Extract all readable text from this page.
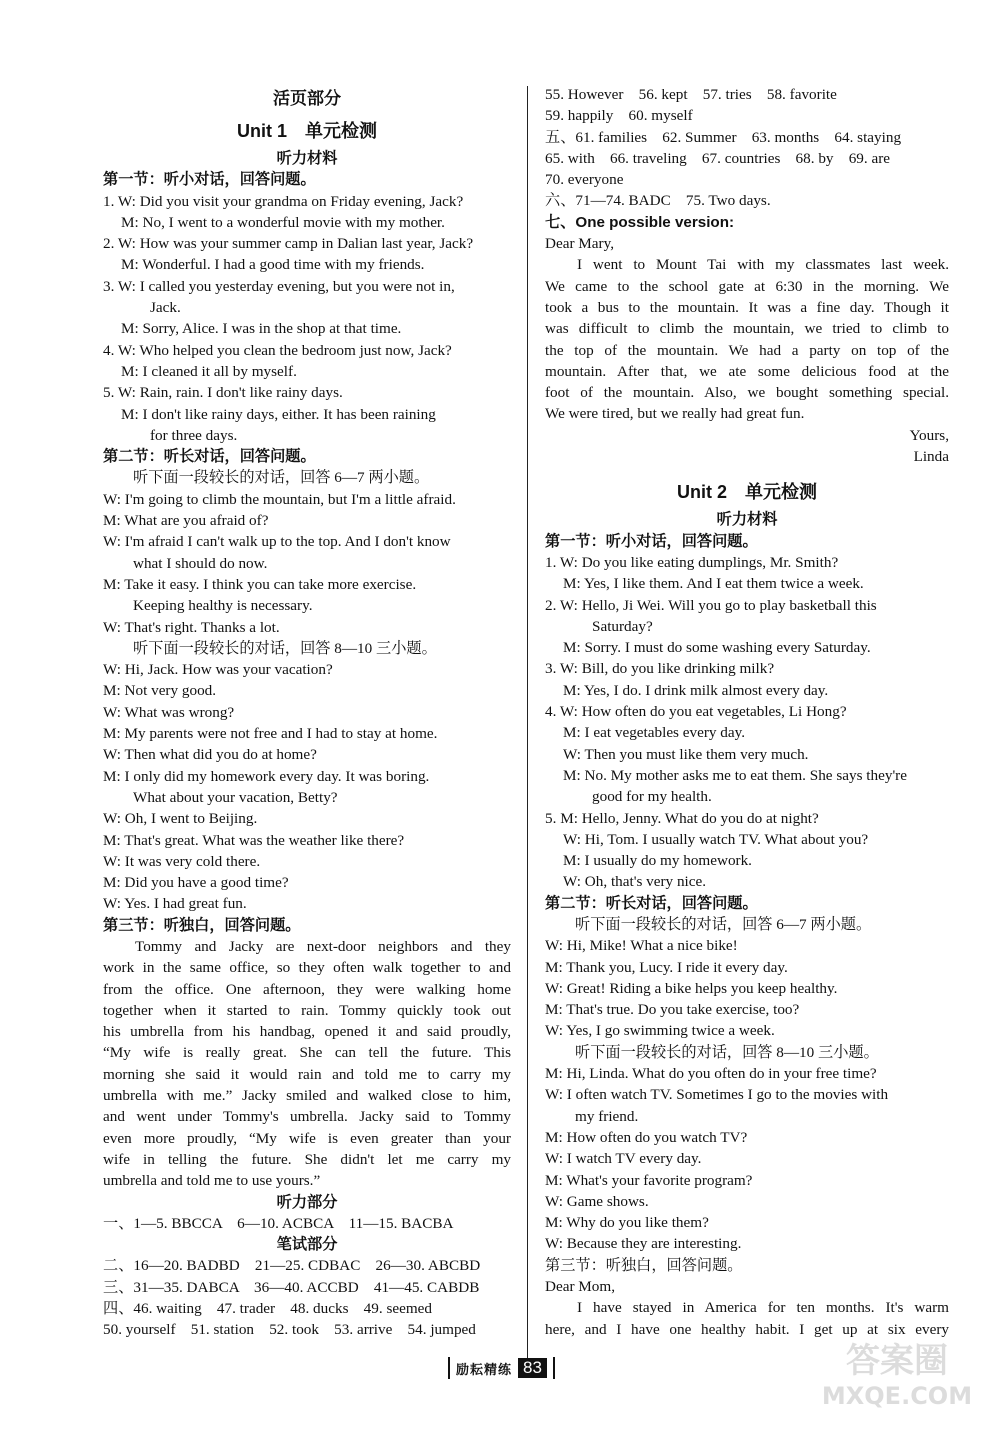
活页部分
Unit 1　单元检测
听力材料
第一节：听小对话，回答问题。
1. W: Did you visit your grandma on Friday evening, Jack?
M: No, I went to a wonderful movie with my mother.
2. W: How was your summer camp in Dalian last year, Jack?
M: Wonderful. I had a good time with my friends.
3. W: I called you yesterday evening, but you were not in,
Jack.
M: Sorry, Alice. I was in the shop at that time.
4. W: Who helped you clean the bedroom just now, Jack?
M: I cleaned it all by myself.
5. W: Rain, rain. I don't like rainy days.
M: I don't like rainy days, either. It has been raining
for three days.
第二节：听长对话，回答问题。
听下面一段较长的对话，回答 6—7 两小题。
W: I'm going to climb the mountain, but I'm a little afraid.
M: What are you afraid of?
W: I'm afraid I can't walk up to the top. And I don't know
what I should do now.
M: Take it easy. I think you can take more exercise.
Keeping healthy is necessary.
W: That's right. Thanks a lot.
听下面一段较长的对话，回答 8—10 三小题。
W: Hi, Jack. How was your vacation?
M: Not very good.
W: What was wrong?
M: My parents were not free and I had to stay at home.
W: Then what did you do at home?
M: I only did my homework every day. It was boring.
What about your vacation, Betty?
W: Oh, I went to Beijing.
M: That's great. What was the weather like there?
W: It was very cold there.
M: Did you have a good time?
W: Yes. I had great fun.
第三节：听独白，回答问题。
Tommy and Jacky are next-door neighbors and they
work in the same office, so they often walk together to and
from the office. One afternoon, they were walking home
together when it started to rain. Tommy quickly took out
his umbrella from his handbag, opened it and said proudly,
“My wife is really great. She can tell the future. This
morning she said it would rain and told me to carry my
umbrella with me.” Jacky smiled and walked close to him,
and went under Tommy's umbrella. Jacky said to Tommy
even more proudly, “My wife is even greater than your
wife in telling the future. She didn't let me carry my
umbrella and told me to use yours.”
听力部分
一、1—5. BBCCA　6—10. ACBCA　11—15. BACBA
笔试部分
二、16—20. BADBD　21—25. CDBAC　26—30. ABCBD
三、31—35. DABCA　36—40. ACCBD　41—45. CABDB
四、46. waiting　47. trader　48. ducks　49. seemed
50. yourself　51. station　52. took　53. arrive　54. jumped
55. However　56. kept　57. tries　58. favorite
59. happily　60. myself
五、61. families　62. Summer　63. months　64. staying
65. with　66. traveling　67. countries　68. by　69. are
70. everyone
六、71—74. BADC　75. Two days.
七、One possible version:
Dear Mary,
I went to Mount Tai with my classmates last week.
We came to the school gate at 6:30 in the morning. We
took a bus to the mountain. It was a fine day. Though it
was difficult to climb the mountain, we tried to climb to
the top of the mountain. We had a party on top of the
mountain. After that, we ate some delicious food at the
foot of the mountain. Also, we bought something special.
We were tired, but we really had great fun.
Yours,
Linda
Unit 2　单元检测
听力材料
第一节：听小对话，回答问题。
1. W: Do you like eating dumplings, Mr. Smith?
M: Yes, I like them. And I eat them twice a week.
2. W: Hello, Ji Wei. Will you go to play basketball this
Saturday?
M: Sorry. I must do some washing every Saturday.
3. W: Bill, do you like drinking milk?
M: Yes, I do. I drink milk almost every day.
4. W: How often do you eat vegetables, Li Hong?
M: I eat vegetables every day.
W: Then you must like them very much.
M: No. My mother asks me to eat them. She says they're
good for my health.
5. M: Hello, Jenny. What do you do at night?
W: Hi, Tom. I usually watch TV. What about you?
M: I usually do my homework.
W: Oh, that's very nice.
第二节：听长对话，回答问题。
听下面一段较长的对话，回答 6—7 两小题。
W: Hi, Mike! What a nice bike!
M: Thank you, Lucy. I ride it every day.
W: Great! Riding a bike helps you keep healthy.
M: That's true. Do you take exercise, too?
W: Yes, I go swimming twice a week.
听下面一段较长的对话，回答 8—10 三小题。
M: Hi, Linda. What do you often do in your free time?
W: I often watch TV. Sometimes I go to the movies with
my friend.
M: How often do you watch TV?
W: I watch TV every day.
M: What's your favorite program?
W: Game shows.
M: Why do you like them?
W: Because they are interesting.
第三节：听独白，回答问题。
Dear Mom,
I have stayed in America for ten months. It's warm
here, and I have one healthy habit. I get up at six every
励耘精练 83	答案圈
MXQE.COM
